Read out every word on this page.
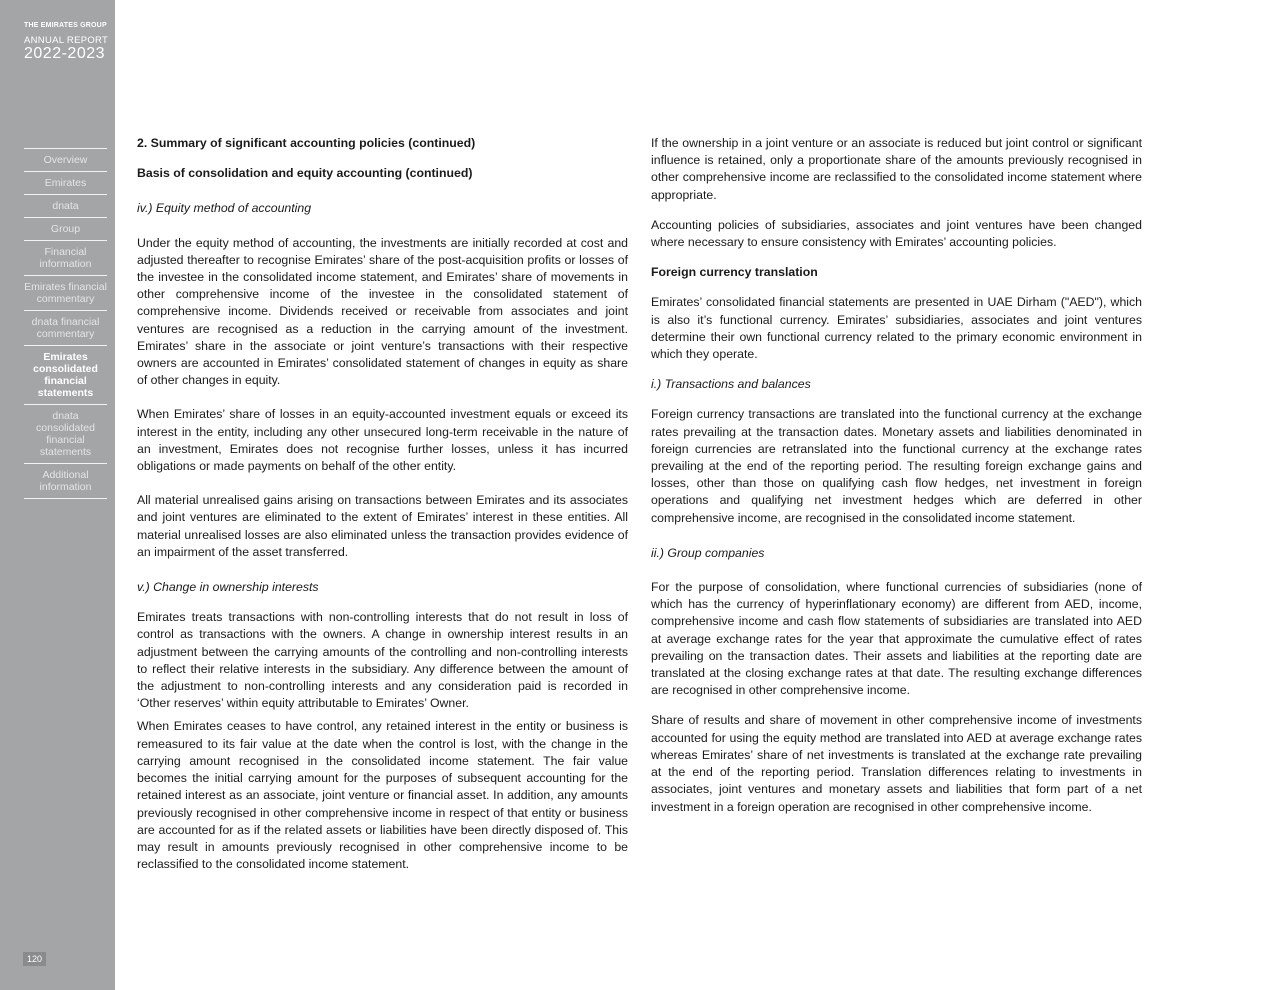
THE EMIRATES GROUP
ANNUAL REPORT
2022-2023
Overview
Emirates
dnata
Group
Financial information
Emirates financial commentary
dnata financial commentary
Emirates consolidated financial statements
dnata consolidated financial statements
Additional information
120

2. Summary of significant accounting policies (continued)

Basis of consolidation and equity accounting (continued)

iv.) Equity method of accounting

Under the equity method of accounting, the investments are initially recorded at cost and adjusted thereafter to recognise Emirates’ share of the post-acquisition profits or losses of the investee in the consolidated income statement, and Emirates’ share of movements in other comprehensive income of the investee in the consolidated statement of comprehensive income. Dividends received or receivable from associates and joint ventures are recognised as a reduction in the carrying amount of the investment. Emirates’ share in the associate or joint venture’s transactions with their respective owners are accounted in Emirates’ consolidated statement of changes in equity as share of other changes in equity.

When Emirates’ share of losses in an equity-accounted investment equals or exceed its interest in the entity, including any other unsecured long-term receivable in the nature of an investment, Emirates does not recognise further losses, unless it has incurred obligations or made payments on behalf of the other entity.

All material unrealised gains arising on transactions between Emirates and its associates and joint ventures are eliminated to the extent of Emirates’ interest in these entities. All material unrealised losses are also eliminated unless the transaction provides evidence of an impairment of the asset transferred.

v.) Change in ownership interests

Emirates treats transactions with non-controlling interests that do not result in loss of control as transactions with the owners. A change in ownership interest results in an adjustment between the carrying amounts of the controlling and non-controlling interests to reflect their relative interests in the subsidiary. Any difference between the amount of the adjustment to non-controlling interests and any consideration paid is recorded in ‘Other reserves’ within equity attributable to Emirates’ Owner.

When Emirates ceases to have control, any retained interest in the entity or business is remeasured to its fair value at the date when the control is lost, with the change in the carrying amount recognised in the consolidated income statement. The fair value becomes the initial carrying amount for the purposes of subsequent accounting for the retained interest as an associate, joint venture or financial asset. In addition, any amounts previously recognised in other comprehensive income in respect of that entity or business are accounted for as if the related assets or liabilities have been directly disposed of. This may result in amounts previously recognised in other comprehensive income to be reclassified to the consolidated income statement.

If the ownership in a joint venture or an associate is reduced but joint control or significant influence is retained, only a proportionate share of the amounts previously recognised in other comprehensive income are reclassified to the consolidated income statement where appropriate.

Accounting policies of subsidiaries, associates and joint ventures have been changed where necessary to ensure consistency with Emirates’ accounting policies.

Foreign currency translation

Emirates’ consolidated financial statements are presented in UAE Dirham ("AED"), which is also it’s functional currency. Emirates’ subsidiaries, associates and joint ventures determine their own functional currency related to the primary economic environment in which they operate.

i.) Transactions and balances

Foreign currency transactions are translated into the functional currency at the exchange rates prevailing at the transaction dates. Monetary assets and liabilities denominated in foreign currencies are retranslated into the functional currency at the exchange rates prevailing at the end of the reporting period. The resulting foreign exchange gains and losses, other than those on qualifying cash flow hedges, net investment in foreign operations and qualifying net investment hedges which are deferred in other comprehensive income, are recognised in the consolidated income statement.

ii.) Group companies

For the purpose of consolidation, where functional currencies of subsidiaries (none of which has the currency of hyperinflationary economy) are different from AED, income, comprehensive income and cash flow statements of subsidiaries are translated into AED at average exchange rates for the year that approximate the cumulative effect of rates prevailing on the transaction dates. Their assets and liabilities at the reporting date are translated at the closing exchange rates at that date. The resulting exchange differences are recognised in other comprehensive income.

Share of results and share of movement in other comprehensive income of investments accounted for using the equity method are translated into AED at average exchange rates whereas Emirates’ share of net investments is translated at the exchange rate prevailing at the end of the reporting period. Translation differences relating to investments in associates, joint ventures and monetary assets and liabilities that form part of a net investment in a foreign operation are recognised in other comprehensive income.
